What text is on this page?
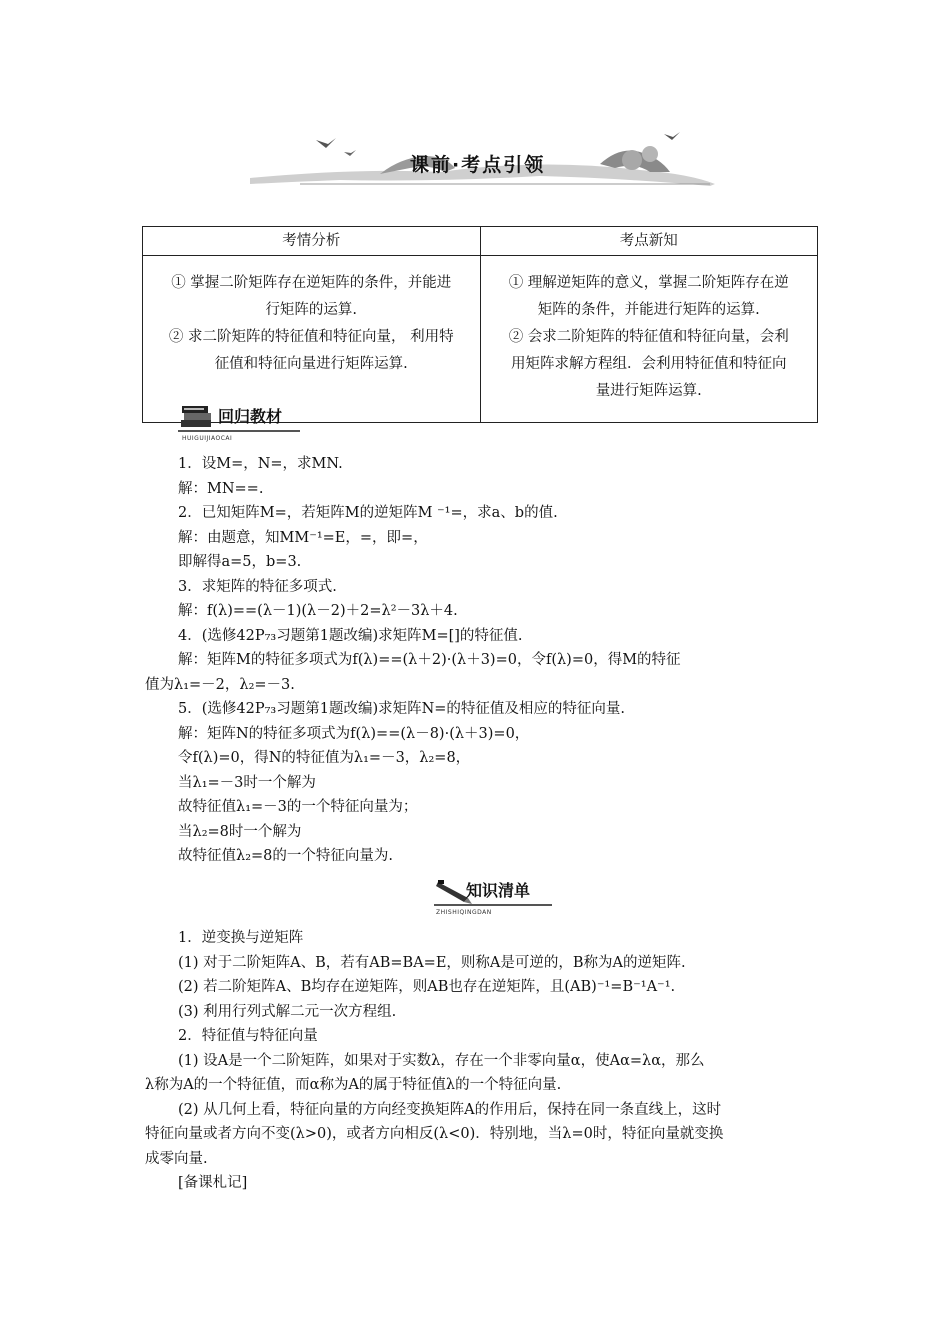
课前·考点引领
考情分析	考点新知

① 掌握二阶矩阵存在逆矩阵的条件，并能进
行矩阵的运算.
② 求二阶矩阵的特征值和特征向量， 利用特
征值和特征向量进行矩阵运算.	① 理解逆矩阵的意义，掌握二阶矩阵存在逆
矩阵的条件，并能进行矩阵的运算.
② 会求二阶矩阵的特征值和特征向量，会利
用矩阵求解方程组．会利用特征值和特征向
量进行矩阵运算.
回归教材
HUIGUIJIAOCAI
1．设M=，N=，求MN.
解：MN==.
2．已知矩阵M=，若矩阵M的逆矩阵M ⁻¹=，求a、b的值.
解：由题意，知MM⁻¹=E，=，即=，
即解得a=5，b=3.
3．求矩阵的特征多项式.
解：f(λ)==(λ－1)(λ－2)＋2=λ²－3λ＋4.
4．(选修42P₇₃习题第1题改编)求矩阵M=[]的特征值.
解：矩阵M的特征多项式为f(λ)==(λ＋2)·(λ＋3)=0，令f(λ)=0，得M的特征
值为λ₁=－2，λ₂=－3.
5．(选修42P₇₃习题第1题改编)求矩阵N=的特征值及相应的特征向量.
解：矩阵N的特征多项式为f(λ)==(λ－8)·(λ＋3)=0，
令f(λ)=0，得N的特征值为λ₁=－3，λ₂=8，
当λ₁=－3时一个解为
故特征值λ₁=－3的一个特征向量为；
当λ₂=8时一个解为
故特征值λ₂=8的一个特征向量为.
知识清单
ZHISHIQINGDAN
1．逆变换与逆矩阵
(1) 对于二阶矩阵A、B，若有AB=BA=E，则称A是可逆的，B称为A的逆矩阵.
(2) 若二阶矩阵A、B均存在逆矩阵，则AB也存在逆矩阵，且(AB)⁻¹=B⁻¹A⁻¹.
(3) 利用行列式解二元一次方程组.
2．特征值与特征向量
(1) 设A是一个二阶矩阵，如果对于实数λ，存在一个非零向量α，使Aα=λα，那么
λ称为A的一个特征值，而α称为A的属于特征值λ的一个特征向量.
(2) 从几何上看，特征向量的方向经变换矩阵A的作用后，保持在同一条直线上，这时
特征向量或者方向不变(λ>0)，或者方向相反(λ<0)．特别地，当λ=0时，特征向量就变换
成零向量.
[备课札记]
